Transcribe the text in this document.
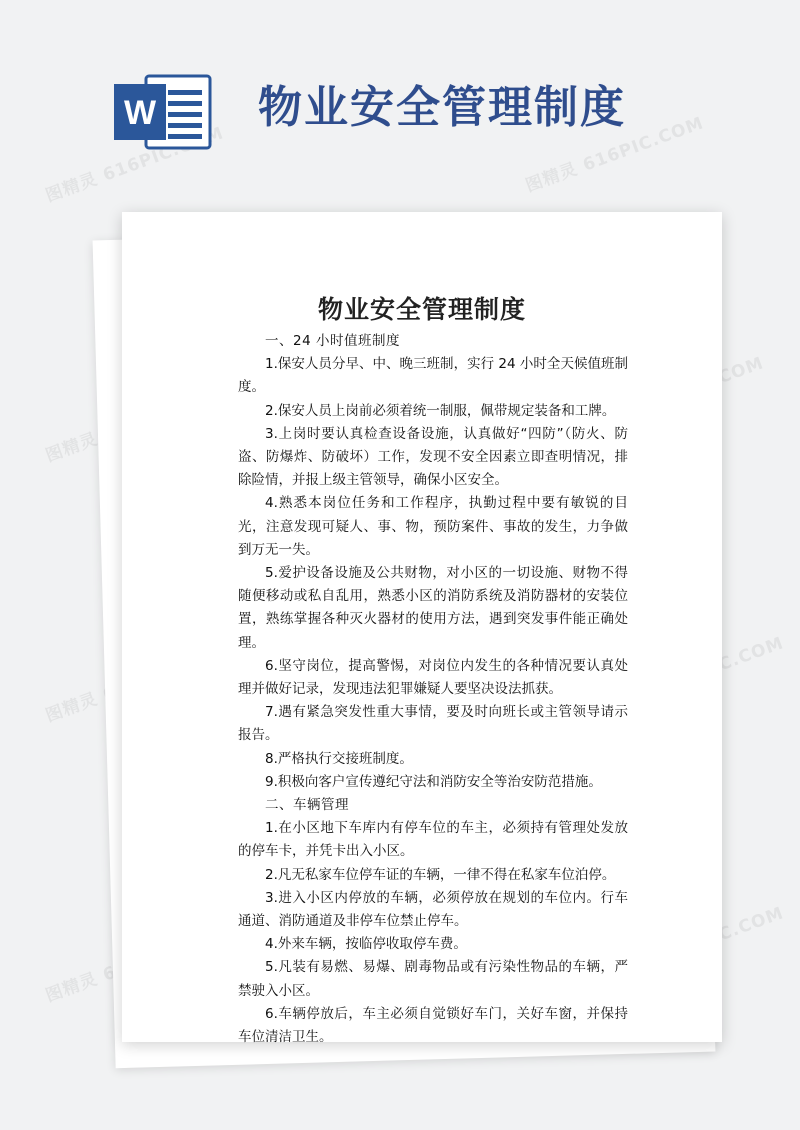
图精灵 616PIC.COM	图精灵 616PIC.COM
图精灵
图精灵
616PIC.COM
图精灵
616PIC.COM
W 物业安全管理制度
物业安全管理制度

一、24 小时值班制度

1.保安人员分早、中、晚三班制，实行 24 小时全天候值班制度。

2.保安人员上岗前必须着统一制服，佩带规定装备和工牌。

3.上岗时要认真检查设备设施，认真做好“四防”（防火、防盗、防爆炸、防破坏）工作，发现不安全因素立即查明情况，排除险情，并报上级主管领导，确保小区安全。

4.熟悉本岗位任务和工作程序，执勤过程中要有敏锐的目光，注意发现可疑人、事、物，预防案件、事故的发生，力争做到万无一失。

5.爱护设备设施及公共财物，对小区的一切设施、财物不得随便移动或私自乱用，熟悉小区的消防系统及消防器材的安装位置，熟练掌握各种灭火器材的使用方法，遇到突发事件能正确处理。

6.坚守岗位，提高警惕，对岗位内发生的各种情况要认真处理并做好记录，发现违法犯罪嫌疑人要坚决设法抓获。

7.遇有紧急突发性重大事情，要及时向班长或主管领导请示报告。

8.严格执行交接班制度。

9.积极向客户宣传遵纪守法和消防安全等治安防范措施。

二、车辆管理

1.在小区地下车库内有停车位的车主，必须持有管理处发放的停车卡，并凭卡出入小区。

2.凡无私家车位停车证的车辆，一律不得在私家车位泊停。

3.进入小区内停放的车辆，必须停放在规划的车位内。行车通道、消防通道及非停车位禁止停车。

4.外来车辆，按临停收取停车费。

5.凡装有易燃、易爆、剧毒物品或有污染性物品的车辆，严禁驶入小区。

6.车辆停放后，车主必须自觉锁好车门，关好车窗，并保持车位清洁卫生。
